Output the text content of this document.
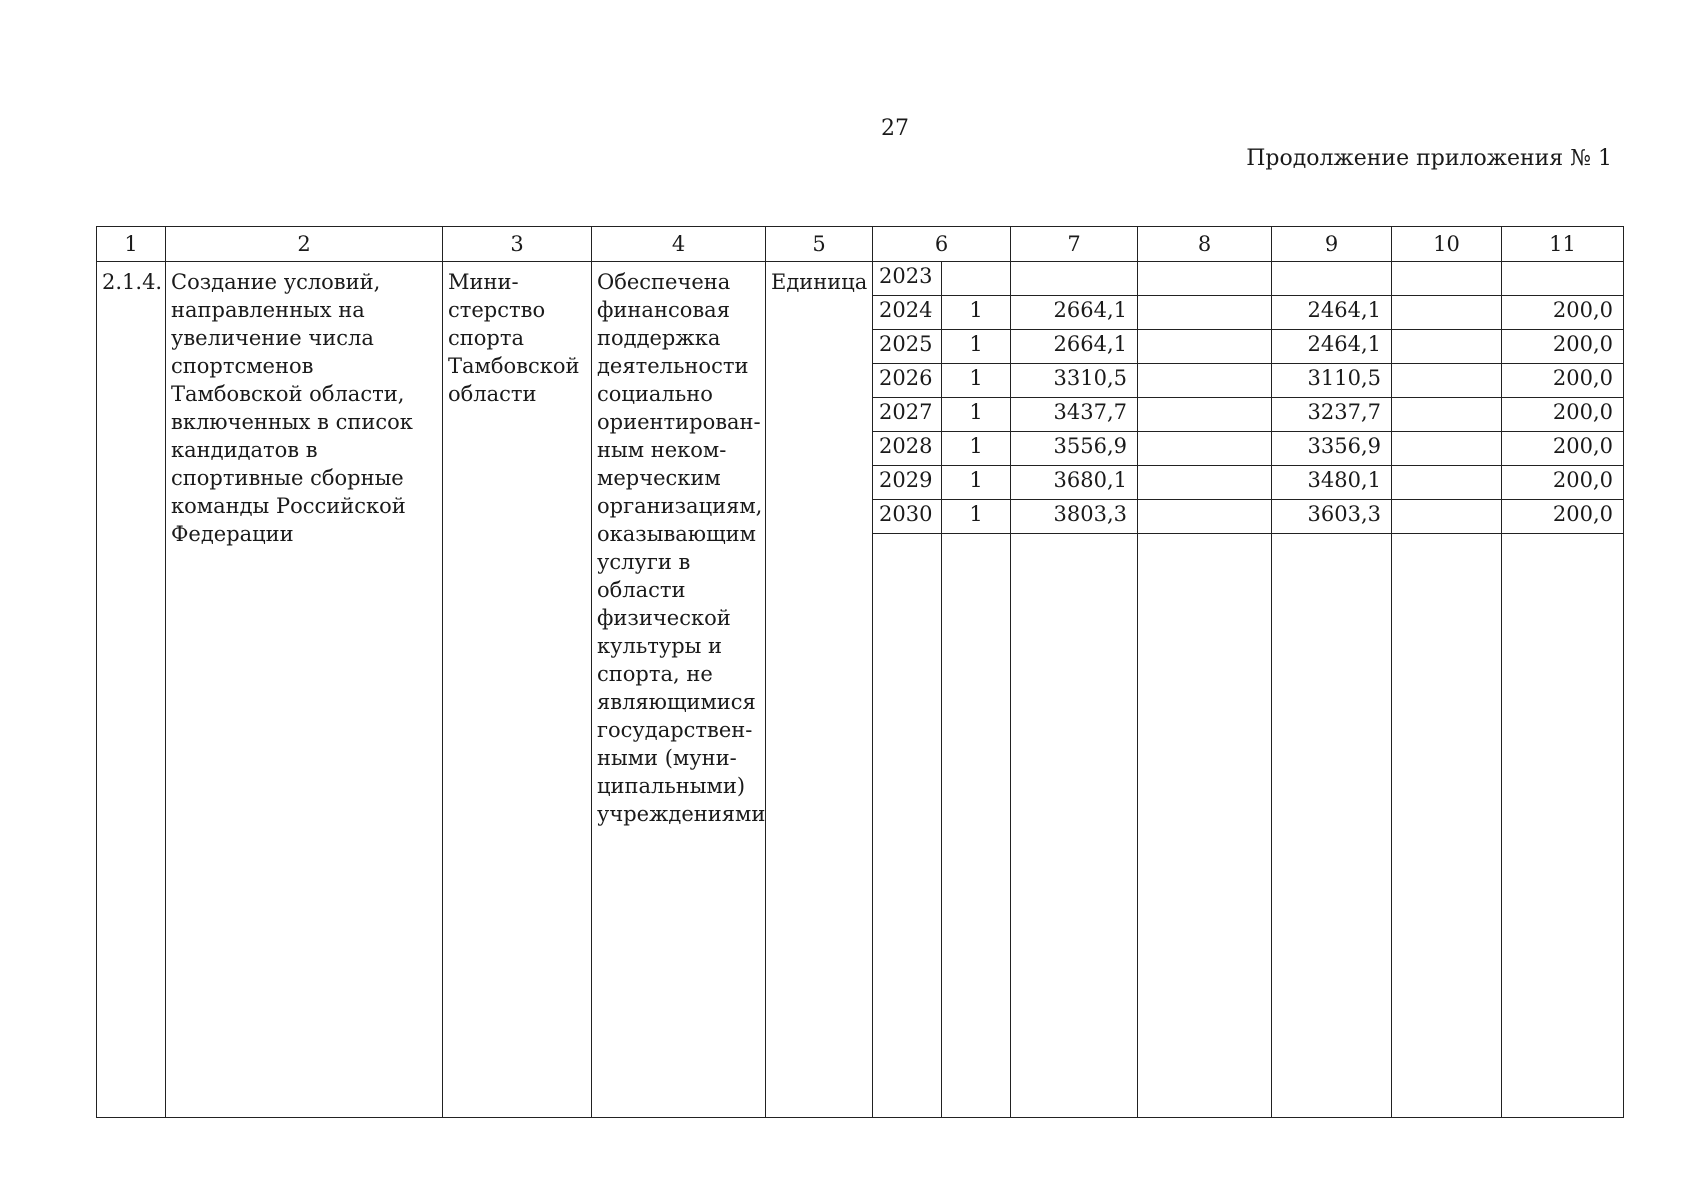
27
Продолжение приложения № 1
1	2	3	4	5	6		7	8	9	10	11
2.1.4.	Создание условий, направленных на увеличение числа спортсменов Тамбовской области, включенных в список кандидатов в спортивные сборные команды Российской Федерации	Мини-стерство спорта Тамбовской области	Обеспечена финансовая поддержка деятельности социально ориентирован-ным неком-мерческим организациям, оказывающим услуги в области физической культуры и спорта, не являющимися государствен-ными (муни-ципальными) учреждениями	Единица	2023						
					2024	1	2664,1		2464,1		200,0
					2025	1	2664,1		2464,1		200,0
					2026	1	3310,5		3110,5		200,0
					2027	1	3437,7		3237,7		200,0
					2028	1	3556,9		3356,9		200,0
					2029	1	3680,1		3480,1		200,0
					2030	1	3803,3		3603,3		200,0
